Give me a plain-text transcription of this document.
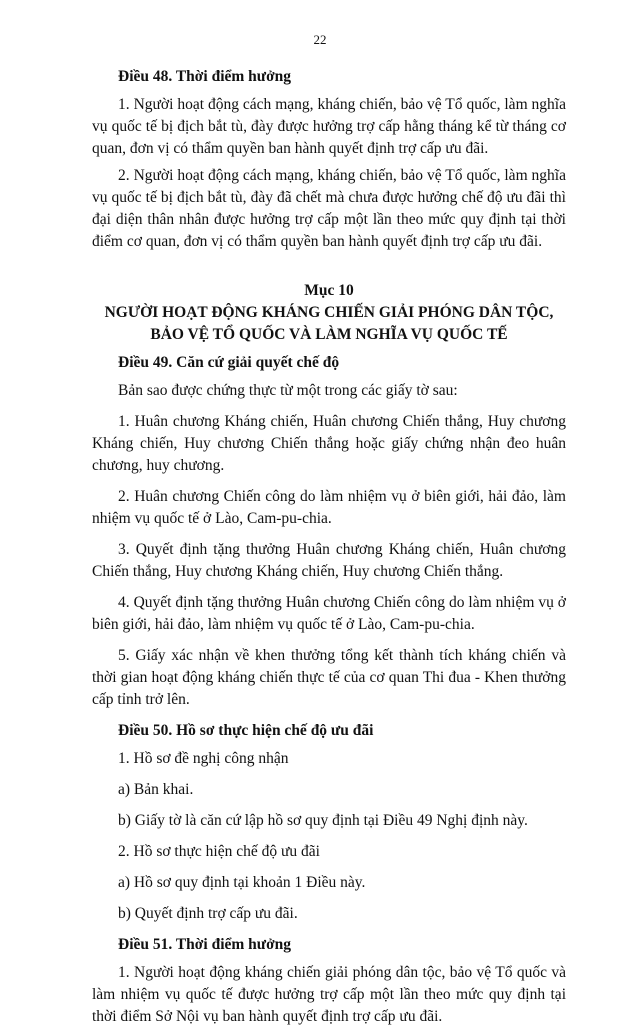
22

Điều 48. Thời điểm hưởng

1. Người hoạt động cách mạng, kháng chiến, bảo vệ Tổ quốc, làm nghĩa vụ quốc tế bị địch bắt tù, đày được hưởng trợ cấp hằng tháng kể từ tháng cơ quan, đơn vị có thẩm quyền ban hành quyết định trợ cấp ưu đãi.

2. Người hoạt động cách mạng, kháng chiến, bảo vệ Tổ quốc, làm nghĩa vụ quốc tế bị địch bắt tù, đày đã chết mà chưa được hưởng chế độ ưu đãi thì đại diện thân nhân được hưởng trợ cấp một lần theo mức quy định tại thời điểm cơ quan, đơn vị có thẩm quyền ban hành quyết định trợ cấp ưu đãi.

Mục 10

NGƯỜI HOẠT ĐỘNG KHÁNG CHIẾN GIẢI PHÓNG DÂN TỘC, BẢO VỆ TỔ QUỐC VÀ LÀM NGHĨA VỤ QUỐC TẾ

Điều 49. Căn cứ giải quyết chế độ

Bản sao được chứng thực từ một trong các giấy tờ sau:

1. Huân chương Kháng chiến, Huân chương Chiến thắng, Huy chương Kháng chiến, Huy chương Chiến thắng hoặc giấy chứng nhận đeo huân chương, huy chương.

2. Huân chương Chiến công do làm nhiệm vụ ở biên giới, hải đảo, làm nhiệm vụ quốc tế ở Lào, Cam-pu-chia.

3. Quyết định tặng thưởng Huân chương Kháng chiến, Huân chương Chiến thắng, Huy chương Kháng chiến, Huy chương Chiến thắng.

4. Quyết định tặng thưởng Huân chương Chiến công do làm nhiệm vụ ở biên giới, hải đảo, làm nhiệm vụ quốc tế ở Lào, Cam-pu-chia.

5. Giấy xác nhận về khen thưởng tổng kết thành tích kháng chiến và thời gian hoạt động kháng chiến thực tế của cơ quan Thi đua - Khen thưởng cấp tỉnh trở lên.

Điều 50. Hồ sơ thực hiện chế độ ưu đãi

1. Hồ sơ đề nghị công nhận

a) Bản khai.

b) Giấy tờ là căn cứ lập hồ sơ quy định tại Điều 49 Nghị định này.

2. Hồ sơ thực hiện chế độ ưu đãi

a) Hồ sơ quy định tại khoản 1 Điều này.

b) Quyết định trợ cấp ưu đãi.

Điều 51. Thời điểm hưởng

1. Người hoạt động kháng chiến giải phóng dân tộc, bảo vệ Tổ quốc và làm nhiệm vụ quốc tế được hưởng trợ cấp một lần theo mức quy định tại thời điểm Sở Nội vụ ban hành quyết định trợ cấp ưu đãi.
